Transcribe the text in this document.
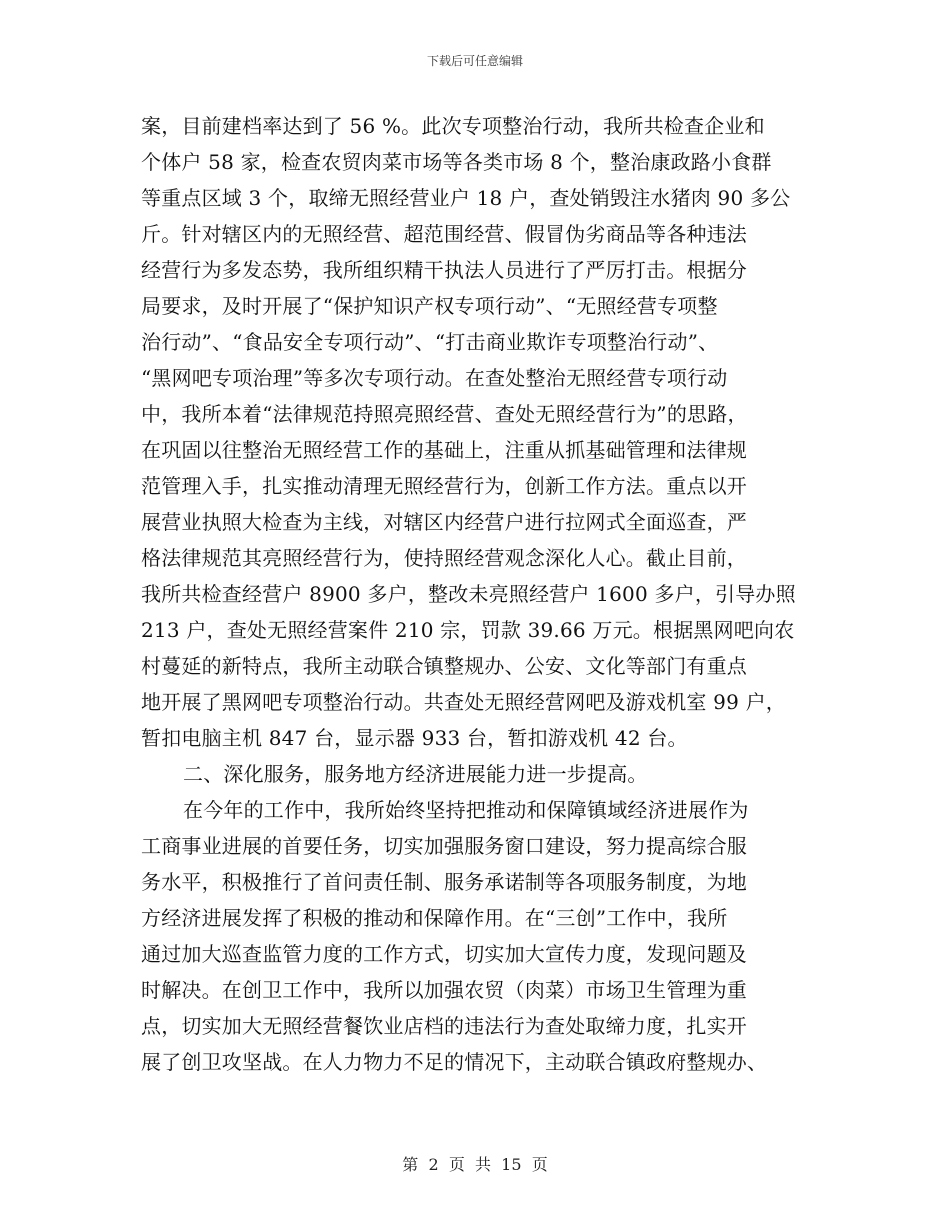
下载后可任意编辑
案，目前建档率达到了 56 %。此次专项整治行动，我所共检查企业和
个体户 58 家，检查农贸肉菜市场等各类市场 8 个，整治康政路小食群
等重点区域 3 个，取缔无照经营业户 18 户，查处销毁注水猪肉 90 多公
斤。针对辖区内的无照经营、超范围经营、假冒伪劣商品等各种违法
经营行为多发态势，我所组织精干执法人员进行了严厉打击。根据分
局要求，及时开展了“保护知识产权专项行动”、“无照经营专项整
治行动”、“食品安全专项行动”、“打击商业欺诈专项整治行动”、
“黑网吧专项治理”等多次专项行动。在查处整治无照经营专项行动
中，我所本着“法律规范持照亮照经营、查处无照经营行为”的思路，
在巩固以往整治无照经营工作的基础上，注重从抓基础管理和法律规
范管理入手，扎实推动清理无照经营行为，创新工作方法。重点以开
展营业执照大检查为主线，对辖区内经营户进行拉网式全面巡查，严
格法律规范其亮照经营行为，使持照经营观念深化人心。截止目前，
我所共检查经营户 8900 多户，整改未亮照经营户 1600 多户，引导办照
213 户，查处无照经营案件 210 宗，罚款 39.66 万元。根据黑网吧向农
村蔓延的新特点，我所主动联合镇整规办、公安、文化等部门有重点
地开展了黑网吧专项整治行动。共查处无照经营网吧及游戏机室 99 户，
暂扣电脑主机 847 台，显示器 933 台，暂扣游戏机 42 台。
二、深化服务，服务地方经济进展能力进一步提高。
在今年的工作中，我所始终坚持把推动和保障镇域经济进展作为
工商事业进展的首要任务，切实加强服务窗口建设，努力提高综合服
务水平，积极推行了首问责任制、服务承诺制等各项服务制度，为地
方经济进展发挥了积极的推动和保障作用。在“三创”工作中，我所
通过加大巡查监管力度的工作方式，切实加大宣传力度，发现问题及
时解决。在创卫工作中，我所以加强农贸（肉菜）市场卫生管理为重
点，切实加大无照经营餐饮业店档的违法行为查处取缔力度，扎实开
展了创卫攻坚战。在人力物力不足的情况下，主动联合镇政府整规办、
第  2  页  共  15  页
